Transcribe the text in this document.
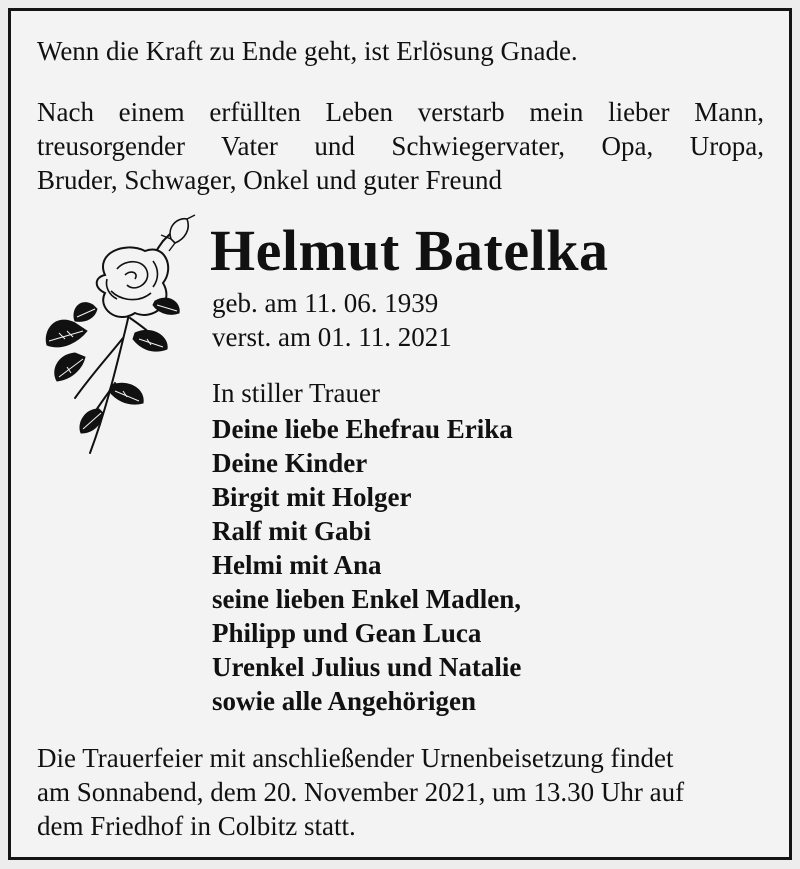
Wenn die Kraft zu Ende geht, ist Erlösung Gnade.

Nach einem erfüllten Leben verstarb mein lieber Mann,
treusorgender Vater und Schwiegervater, Opa, Uropa,
Bruder, Schwager, Onkel und guter Freund

Helmut Batelka

geb. am 11. 06. 1939

verst. am 01. 11. 2021

In stiller Trauer

Deine liebe Ehefrau Erika
Deine Kinder
Birgit mit Holger
Ralf mit Gabi
Helmi mit Ana
seine lieben Enkel Madlen,
Philipp und Gean Luca
Urenkel Julius und Natalie
sowie alle Angehörigen

Die Trauerfeier mit anschließender Urnenbeisetzung findet
am Sonnabend, dem 20. November 2021, um 13.30 Uhr auf
dem Friedhof in Colbitz statt.
